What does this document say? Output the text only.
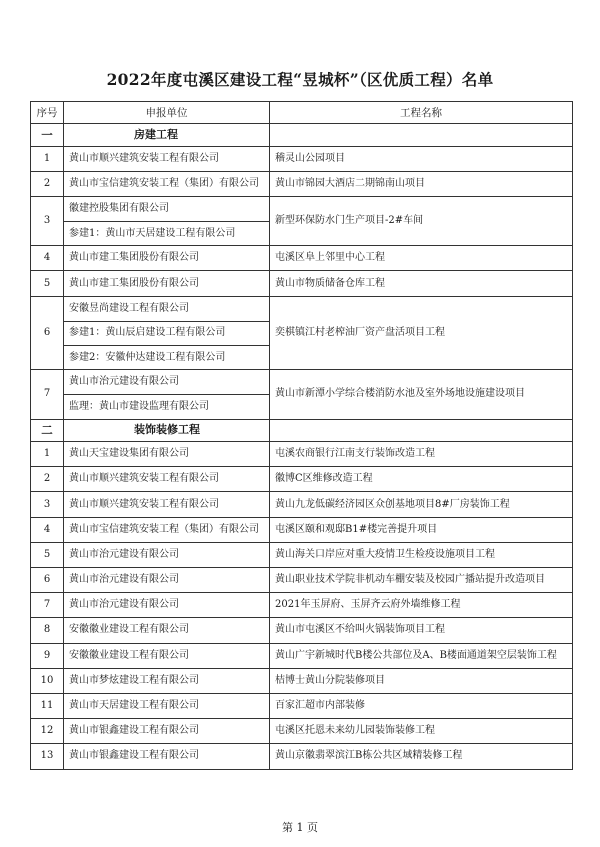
2022年度屯溪区建设工程“昱城杯”（区优质工程）名单
序号	申报单位	工程名称
一	房建工程	
1	黄山市顺兴建筑安装工程有限公司	稽灵山公园项目
2	黄山市宝信建筑安装工程（集团）有限公司	黄山市锦园大酒店二期锦南山项目
3	徽建控股集团有限公司	新型环保防水门生产项目-2#车间
	参建1：黄山市天居建设工程有限公司	
4	黄山市建工集团股份有限公司	屯溪区阜上邻里中心工程
5	黄山市建工集团股份有限公司	黄山市物质储备仓库工程
6	安徽昱尚建设工程有限公司	奕棋镇江村老榨油厂资产盘活项目工程
	参建1：黄山辰启建设工程有限公司	
	参建2：安徽仲达建设工程有限公司	
7	黄山市治元建设有限公司	黄山市新潭小学综合楼消防水池及室外场地设施建设项目
	监理：黄山市建设监理有限公司	
二	装饰装修工程	
1	黄山天宝建设集团有限公司	屯溪农商银行江南支行装饰改造工程
2	黄山市顺兴建筑安装工程有限公司	徽博C区维修改造工程
3	黄山市顺兴建筑安装工程有限公司	黄山九龙低碳经济园区众创基地项目8#厂房装饰工程
4	黄山市宝信建筑安装工程（集团）有限公司	屯溪区颐和观邸B1#楼完善提升项目
5	黄山市治元建设有限公司	黄山海关口岸应对重大疫情卫生检疫设施项目工程
6	黄山市治元建设有限公司	黄山职业技术学院非机动车棚安装及校园广播站提升改造项目
7	黄山市治元建设有限公司	2021年玉屏府、玉屏齐云府外墙维修工程
8	安徽徽业建设工程有限公司	黄山市屯溪区不给叫火锅装饰项目工程
9	安徽徽业建设工程有限公司	黄山广宇新城时代B楼公共部位及A、B楼面通道架空层装饰工程
10	黄山市梦炫建设工程有限公司	桔博士黄山分院装修项目
11	黄山市天居建设工程有限公司	百家汇超市内部装修
12	黄山市银鑫建设工程有限公司	屯溪区托恩未来幼儿园装饰装修工程
13	黄山市银鑫建设工程有限公司	黄山京徽翡翠滨江B栋公共区域精装修工程
第 1 页
